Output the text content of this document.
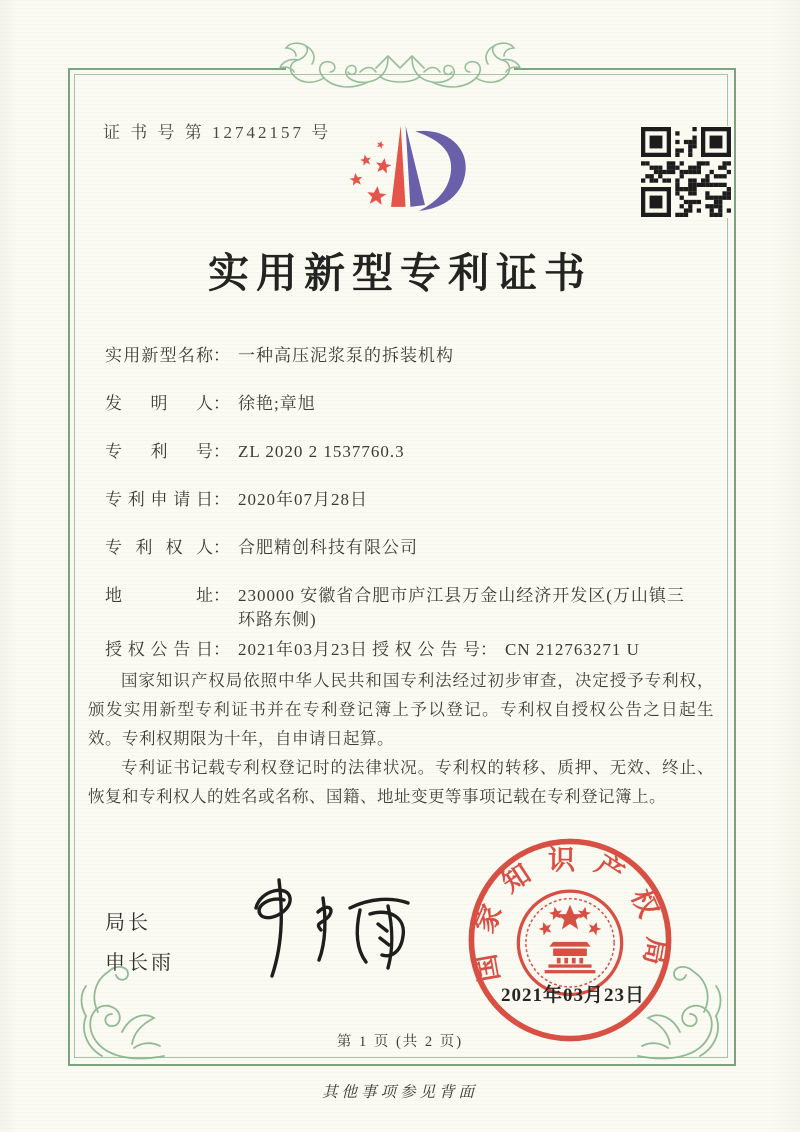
证 书 号 第 12742157 号
实用新型专利证书
实用新型名称： 一种高压泥浆泵的拆装机构
发明人： 徐艳;章旭
专利号： ZL 2020 2 1537760.3
专利申请日： 2020年07月28日
专利权人： 合肥精创科技有限公司
地址 ： 230000 安徽省合肥市庐江县万金山经济开发区(万山镇三环路东侧)
授权公告日： 2021年03月23日 授权公告号： CN 212763271 U

国家知识产权局依照中华人民共和国专利法经过初步审查，决定授予专利权，颁发实用新型专利证书并在专利登记簿上予以登记。专利权自授权公告之日起生效。专利权期限为十年，自申请日起算。

专利证书记载专利权登记时的法律状况。专利权的转移、质押、无效、终止、恢复和专利权人的姓名或名称、国籍、地址变更等事项记载在专利登记簿上。

局长
申长雨	国家知识产权局
2021年03月23日
第 1 页 (共 2 页)
其他事项参见背面
